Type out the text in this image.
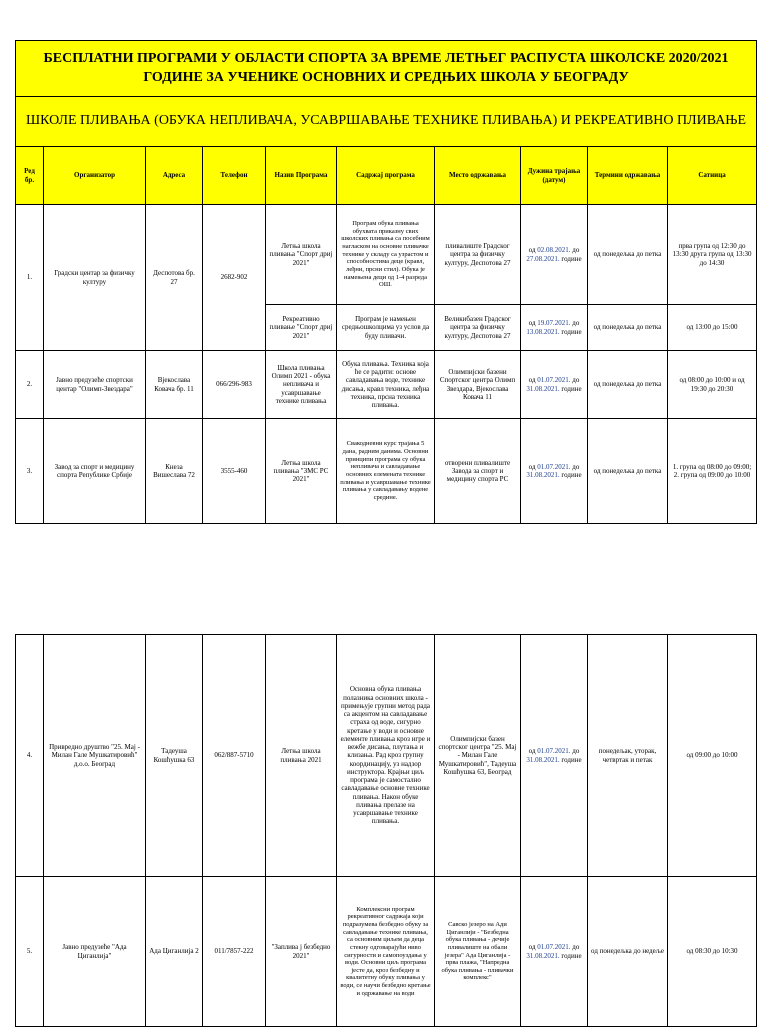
БЕСПЛАТНИ ПРОГРАМИ У ОБЛАСТИ СПОРТА ЗА ВРЕМЕ ЛЕТЊЕГ РАСПУСТА ШКОЛСКЕ 2020/2021 ГОДИНЕ ЗА УЧЕНИКЕ ОСНОВНИХ И СРЕДЊИХ ШКОЛА У БЕОГРАДУ									
ШКОЛЕ ПЛИВАЊА (ОБУКА НЕПЛИВАЧА, УСАВРШАВАЊЕ ТЕХНИКЕ ПЛИВАЊА) И РЕКРЕАТИВНО ПЛИВАЊЕ									
Ред бр.	Организатор	Адреса	Телефон	Назив Програма	Садржај програма	Место одржавања	Дужина трајања (датум)	Термини одржавања	Сатница
1.	Градски центар за физичку културу	Деспотова бр. 27	2682-902	Летња школа пливања "Спорт дриј 2021"	Програм обука пливања обухвата приказну свих школских пливања са посебним нагласком на основне пливачке технике у складу са узрастом и способностима деце (кравл, леђни, прсни стил). Обука је намењена деци од 1-4 разреда ОШ.	пливалиште Градског центра за физичку културу, Деспотова 27	од 02.08.2021. до 27.08.2021. године	од понедељка до петка	прва група од 12:30 до 13:30 друга група од 13:30 до 14:30
				Рекреативно пливање "Спорт дриј 2021"	Програм је намењен средњошколцима уз услов да буду пливачи.	Великибазен Градског центра за физичку културу, Деспотова 27	од 19.07.2021. до 13.08.2021. године	од понедељка до петка	од 13:00 до 15:00
2.	Јавно предузеће спортски центар "Олимп-Звездара"	Вјекослава Ковача бр. 11	066/296-983	Школа пливања Олимп 2021 - обука непливача и усавршавање технике пливања	Обука пливања. Техника која ће се радити: основе савладавања воде, технике дисања, кравл техника, леђна техника, прсна техника пливања.	Олимпијски базени Спортског центра Олимп Звездара, Вјекослава Ковача 11	од 01.07.2021. до 31.08.2021. године	од понедељка до петка	од 08:00 до 10:00 и од 19:30 до 20:30
3.	Завод за спорт и медицину спорта Републике Србије	Кнеза Вишеслава 72	3555-460	Летња школа пливања "ЗМС РС 2021"	Свакодневни курс трајања 5 дана, радним данима. Основни принципи програма су обука непливача и савладавање основних елемената технике пливања и усавршавање технике пливања у савладавању водене средине.	отворени пливалиште Завода за спорт и медицину спорта РС	од 01.07.2021. до 31.08.2021. године	од понедељка до петка	1. група од 08:00 до 09:00; 2. група од 09:00 до 10:00
4.	Привредно друштво "25. Мај - Милан Гале Мушкатировић" д.о.о. Београд	Тадеуша Кошћушка 63	062/887-5710	Летња школа пливања 2021	Основна обука пливања полазника основних школа - примењује групни метод рада са акцентом на савладавање страха од воде, сигурно кретање у води и основне елементе пливања кроз игре и вежбе дисања, плутања и клизања. Рад кроз групну координацију, уз надзор инструктора. Крајњи циљ програма је самостално савладавање основне технике пливања. Након обуке пливања прелазе на усавршавање технике пливања.	Олимпијски базен спортског центра "25. Мај - Милан Гале Мушкатировић", Тадеуша Кошћушка 63, Београд	од 01.07.2021. до 31.08.2021. године	понедељак, уторак, четвртак и петак	од 09:00 до 10:00
5.	Јавно предузеће "Ада Циганлија"	Ада Циганлија 2	011/7857-222	"Заплива ј безбедно 2021"	Комплексни програм рекреативног садржаја који подразумева безбедно обуку за савладавање технике пливања, са основним циљем да деца стекну одговарајући ниво сигурности и самопоуздања у води. Основни циљ програма јесте да, кроз безбедну и квалитетну обуку пливања у води, се научи безбедно кретање и одржавање на води	Савско језеро на Ади Циганлији - "Безбедна обука пливања - дечије пливалиште на обали језера" Ада Циганлија - прва плажа, "Напредна обука пливања - пливачки комплекс"	од 01.07.2021. до 31.08.2021. године	од понедељка до недеље	од 08:30 до 10:30
